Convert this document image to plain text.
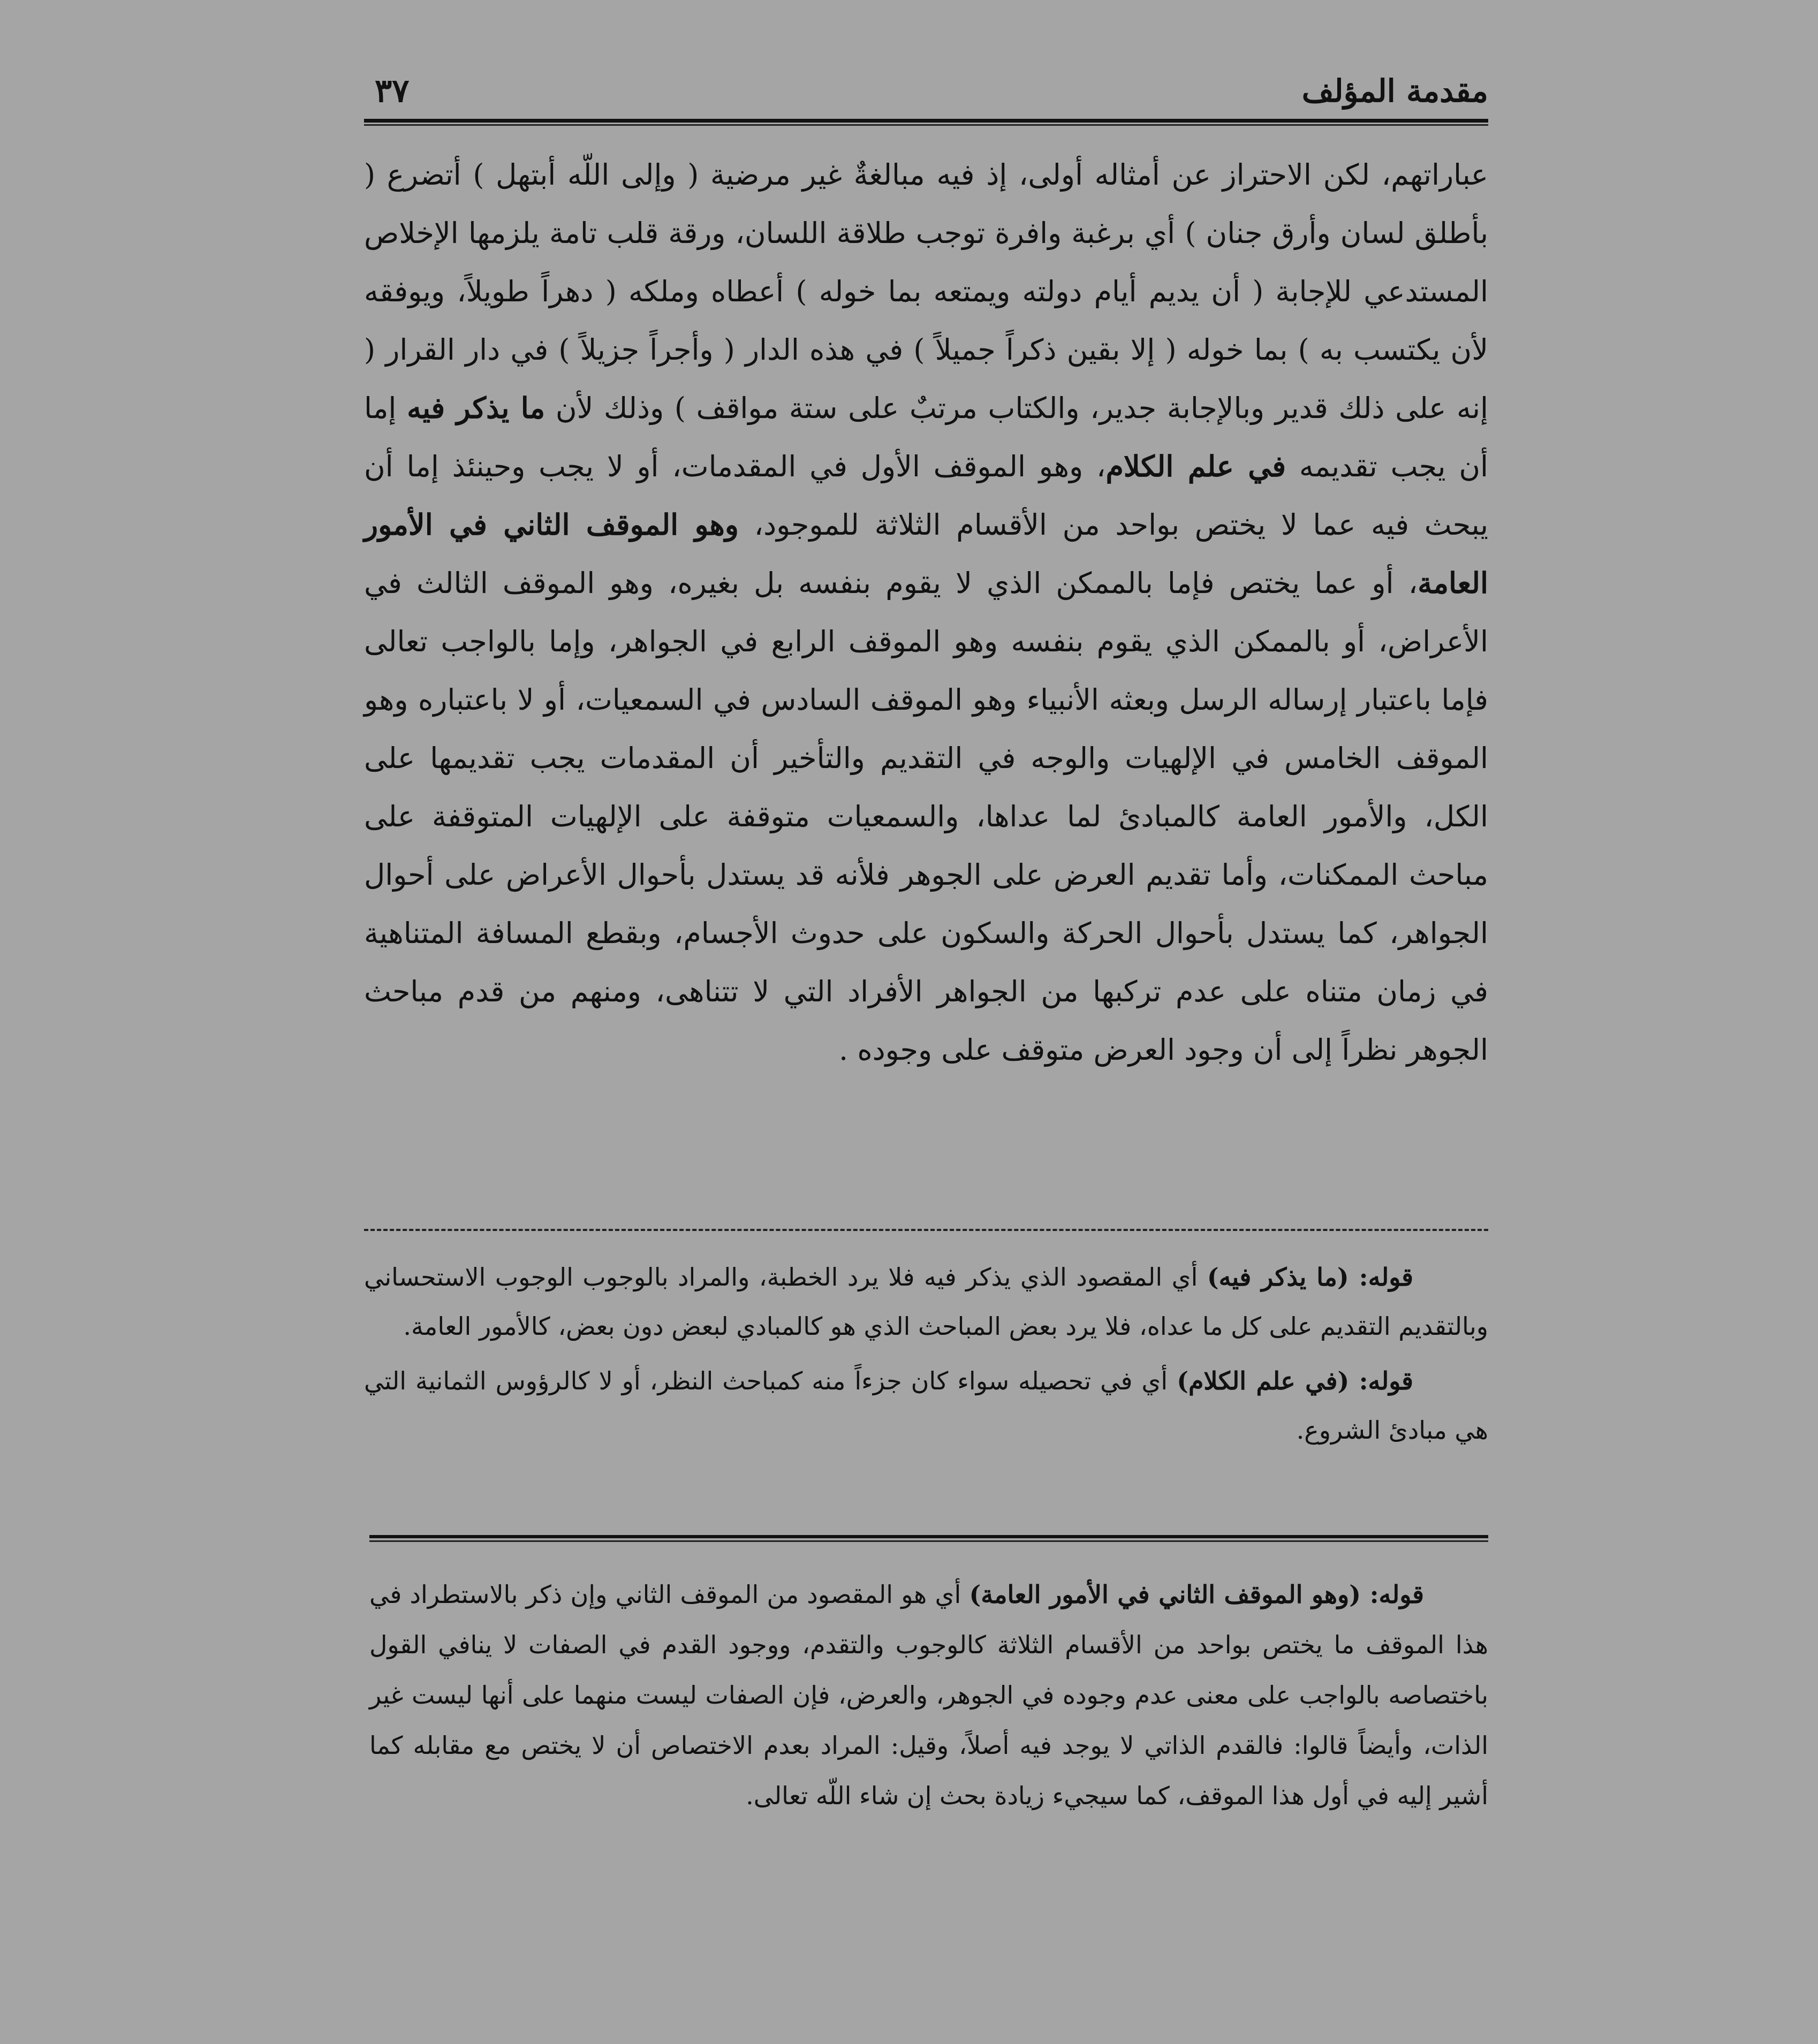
مقدمة المؤلف
٣٧

عباراتهم، لكن الاحتراز عن أمثاله أولى، إذ فيه مبالغةٌ غير مرضية ( وإلى اللّه أبتهل ) أتضرع ( بأطلق لسان وأرق جنان ) أي برغبة وافرة توجب طلاقة اللسان، ورقة قلب تامة يلزمها الإخلاص المستدعي للإجابة ( أن يديم أيام دولته ويمتعه بما خوله ) أعطاه وملكه ( دهراً طويلاً، ويوفقه لأن يكتسب به ) بما خوله ( إلا بقين ذكراً جميلاً ) في هذه الدار ( وأجراً جزيلاً ) في دار القرار ( إنه على ذلك قدير وبالإجابة جدير، والكتاب مرتبٌ على ستة مواقف ) وذلك لأن ما يذكر فيه إما أن يجب تقديمه في علم الكلام، وهو الموقف الأول في المقدمات، أو لا يجب وحينئذ إما أن يبحث فيه عما لا يختص بواحد من الأقسام الثلاثة للموجود، وهو الموقف الثاني في الأمور العامة، أو عما يختص فإما بالممكن الذي لا يقوم بنفسه بل بغيره، وهو الموقف الثالث في الأعراض، أو بالممكن الذي يقوم بنفسه وهو الموقف الرابع في الجواهر، وإما بالواجب تعالى فإما باعتبار إرساله الرسل وبعثه الأنبياء وهو الموقف السادس في السمعيات، أو لا باعتباره وهو الموقف الخامس في الإلهيات والوجه في التقديم والتأخير أن المقدمات يجب تقديمها على الكل، والأمور العامة كالمبادئ لما عداها، والسمعيات متوقفة على الإلهيات المتوقفة على مباحث الممكنات، وأما تقديم العرض على الجوهر فلأنه قد يستدل بأحوال الأعراض على أحوال الجواهر، كما يستدل بأحوال الحركة والسكون على حدوث الأجسام، وبقطع المسافة المتناهية في زمان متناه على عدم تركبها من الجواهر الأفراد التي لا تتناهى، ومنهم من قدم مباحث الجوهر نظراً إلى أن وجود العرض متوقف على وجوده .

قوله: (ما يذكر فيه) أي المقصود الذي يذكر فيه فلا يرد الخطبة، والمراد بالوجوب الوجوب الاستحساني وبالتقديم التقديم على كل ما عداه، فلا يرد بعض المباحث الذي هو كالمبادي لبعض دون بعض، كالأمور العامة.

قوله: (في علم الكلام) أي في تحصيله سواء كان جزءاً منه كمباحث النظر، أو لا كالرؤوس الثمانية التي هي مبادئ الشروع.

قوله: (وهو الموقف الثاني في الأمور العامة) أي هو المقصود من الموقف الثاني وإن ذكر بالاستطراد في هذا الموقف ما يختص بواحد من الأقسام الثلاثة كالوجوب والتقدم، ووجود القدم في الصفات لا ينافي القول باختصاصه بالواجب على معنى عدم وجوده في الجوهر، والعرض، فإن الصفات ليست منهما على أنها ليست غير الذات، وأيضاً قالوا: فالقدم الذاتي لا يوجد فيه أصلاً، وقيل: المراد بعدم الاختصاص أن لا يختص مع مقابله كما أشير إليه في أول هذا الموقف، كما سيجيء زيادة بحث إن شاء اللّه تعالى.
